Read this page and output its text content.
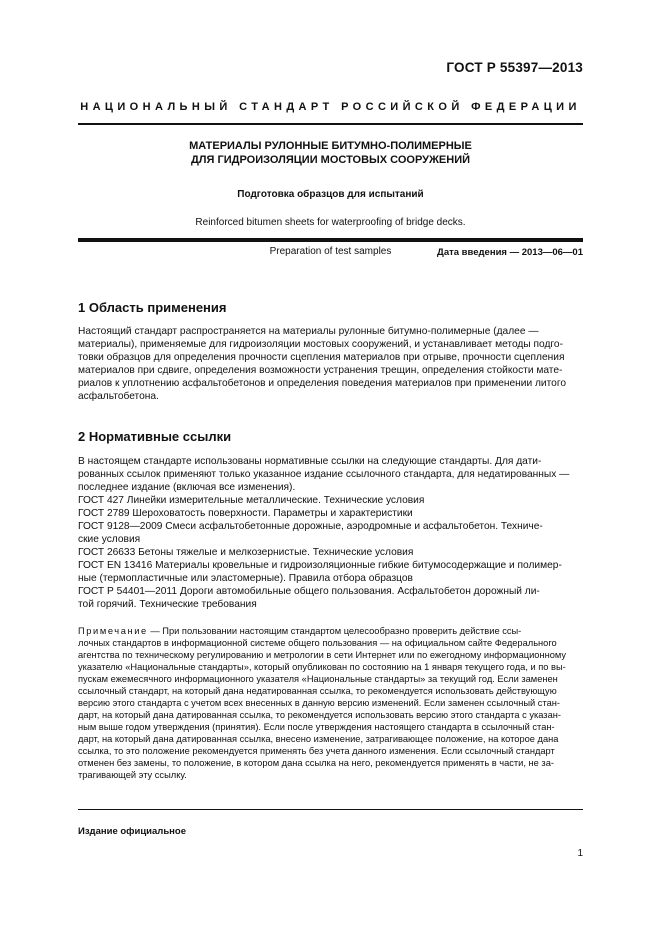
ГОСТ Р 55397—2013
НАЦИОНАЛЬНЫЙ СТАНДАРТ РОССИЙСКОЙ ФЕДЕРАЦИИ
МАТЕРИАЛЫ РУЛОННЫЕ БИТУМНО-ПОЛИМЕРНЫЕ
ДЛЯ ГИДРОИЗОЛЯЦИИ МОСТОВЫХ СООРУЖЕНИЙ
Подготовка образцов для испытаний
Reinforced bitumen sheets for waterproofing of bridge decks.
Preparation of test samples	Дата введения — 2013—06—01
1 Область применения
Настоящий стандарт распространяется на материалы рулонные битумно-полимерные (далее —
материалы), применяемые для гидроизоляции мостовых сооружений, и устанавливает методы подго-
товки образцов для определения прочности сцепления материалов при отрыве, прочности сцепления
материалов при сдвиге, определения возможности устранения трещин, определения стойкости мате-
риалов к уплотнению асфальтобетонов и определения поведения материалов при применении литого
асфальтобетона.
2 Нормативные ссылки
В настоящем стандарте использованы нормативные ссылки на следующие стандарты. Для дати-
рованных ссылок применяют только указанное издание ссылочного стандарта, для недатированных —
последнее издание (включая все изменения).
ГОСТ 427 Линейки измерительные металлические. Технические условия
ГОСТ 2789 Шероховатость поверхности. Параметры и характеристики
ГОСТ 9128—2009 Смеси асфальтобетонные дорожные, аэродромные и асфальтобетон. Техниче-
ские условия
ГОСТ 26633 Бетоны тяжелые и мелкозернистые. Технические условия
ГОСТ EN 13416 Материалы кровельные и гидроизоляционные гибкие битумосодержащие и полимер-
ные (термопластичные или эластомерные). Правила отбора образцов
ГОСТ Р 54401—2011 Дороги автомобильные общего пользования. Асфальтобетон дорожный ли-
той горячий. Технические требования
Примечание — При пользовании настоящим стандартом целесообразно проверить действие ссы-
лочных стандартов в информационной системе общего пользования — на официальном сайте Федерального
агентства по техническому регулированию и метрологии в сети Интернет или по ежегодному информационному
указателю «Национальные стандарты», который опубликован по состоянию на 1 января текущего года, и по вы-
пускам ежемесячного информационного указателя «Национальные стандарты» за текущий год. Если заменен
ссылочный стандарт, на который дана недатированная ссылка, то рекомендуется использовать действующую
версию этого стандарта с учетом всех внесенных в данную версию изменений. Если заменен ссылочный стан-
дарт, на который дана датированная ссылка, то рекомендуется использовать версию этого стандарта с указан-
ным выше годом утверждения (принятия). Если после утверждения настоящего стандарта в ссылочный стан-
дарт, на который дана датированная ссылка, внесено изменение, затрагивающее положение, на которое дана
ссылка, то это положение рекомендуется применять без учета данного изменения. Если ссылочный стандарт
отменен без замены, то положение, в котором дана ссылка на него, рекомендуется применять в части, не за-
трагивающей эту ссылку.
Издание официальное
1
